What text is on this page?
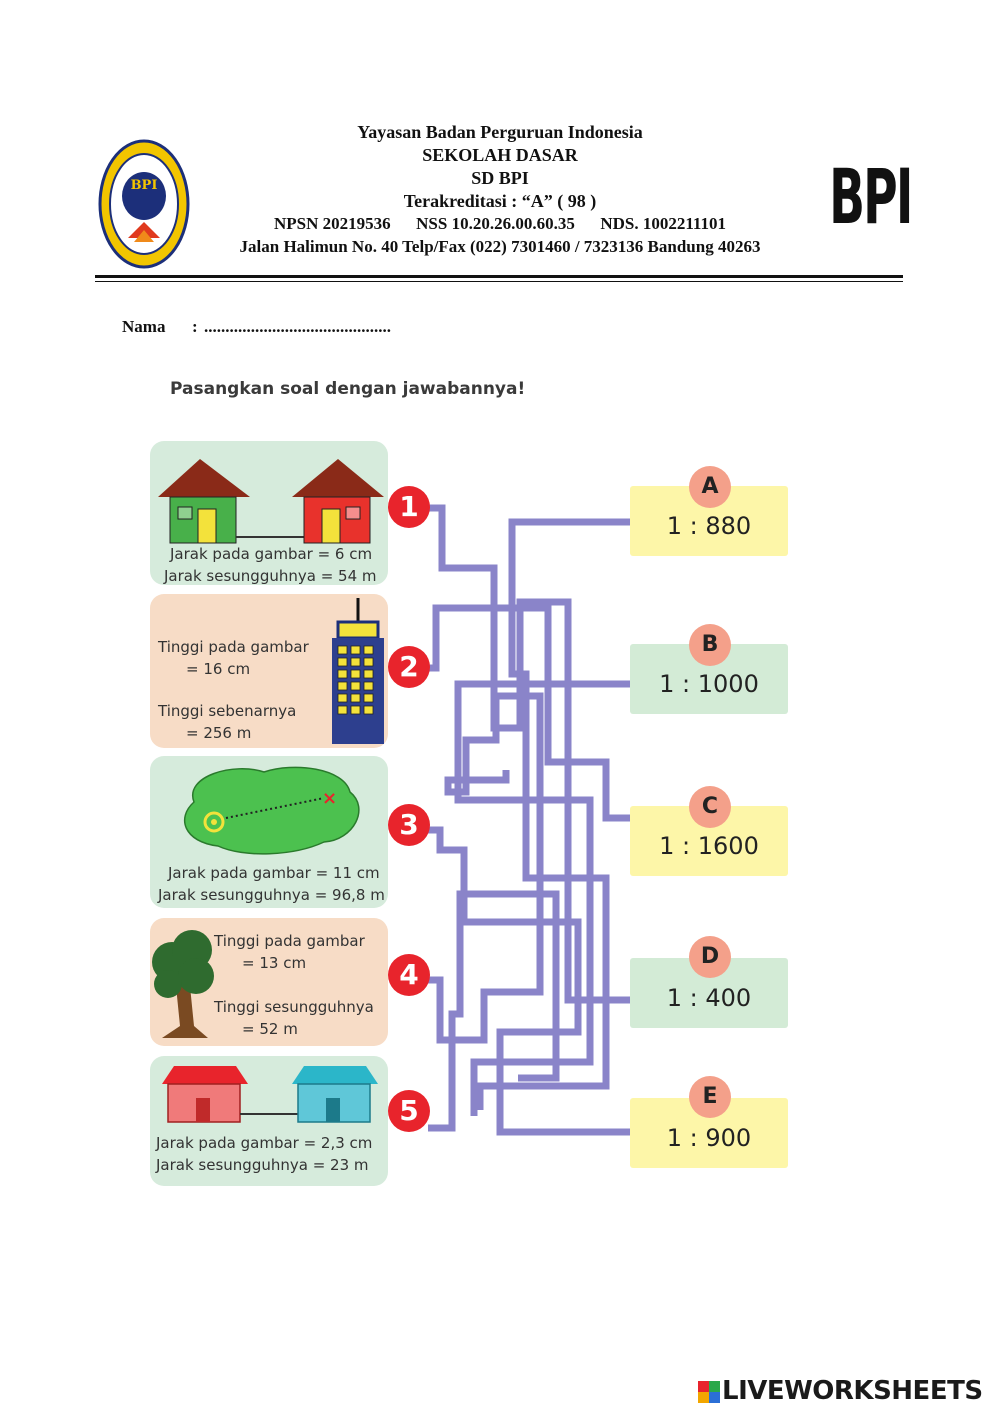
BPI
Yayasan Badan Perguruan Indonesia
SEKOLAH DASAR
SD BPI
Terakreditasi : “A” ( 98 )
NPSN 20219536      NSS 10.20.26.00.60.35      NDS. 1002211101
Jalan Halimun No. 40 Telp/Fax (022) 7301460 / 7323136 Bandung 40263
BPI
Nama : ............................................
Pasangkan soal dengan jawabannya!
Jarak pada gambar = 6 cm
Jarak sesungguhnya = 54 m
Tinggi pada gambar
= 16 cm
Tinggi sebenarnya
= 256 m
×
Jarak pada gambar = 11 cm
Jarak sesungguhnya = 96,8 m
Tinggi pada gambar
= 13 cm
Tinggi sesungguhnya
= 52 m
Jarak pada gambar = 2,3 cm
Jarak sesungguhnya = 23 m
1
2
3
4
5
1 : 880
A
1 : 1000
B
1 : 1600
C
1 : 400
D
1 : 900
E
LIVEWORKSHEETS
